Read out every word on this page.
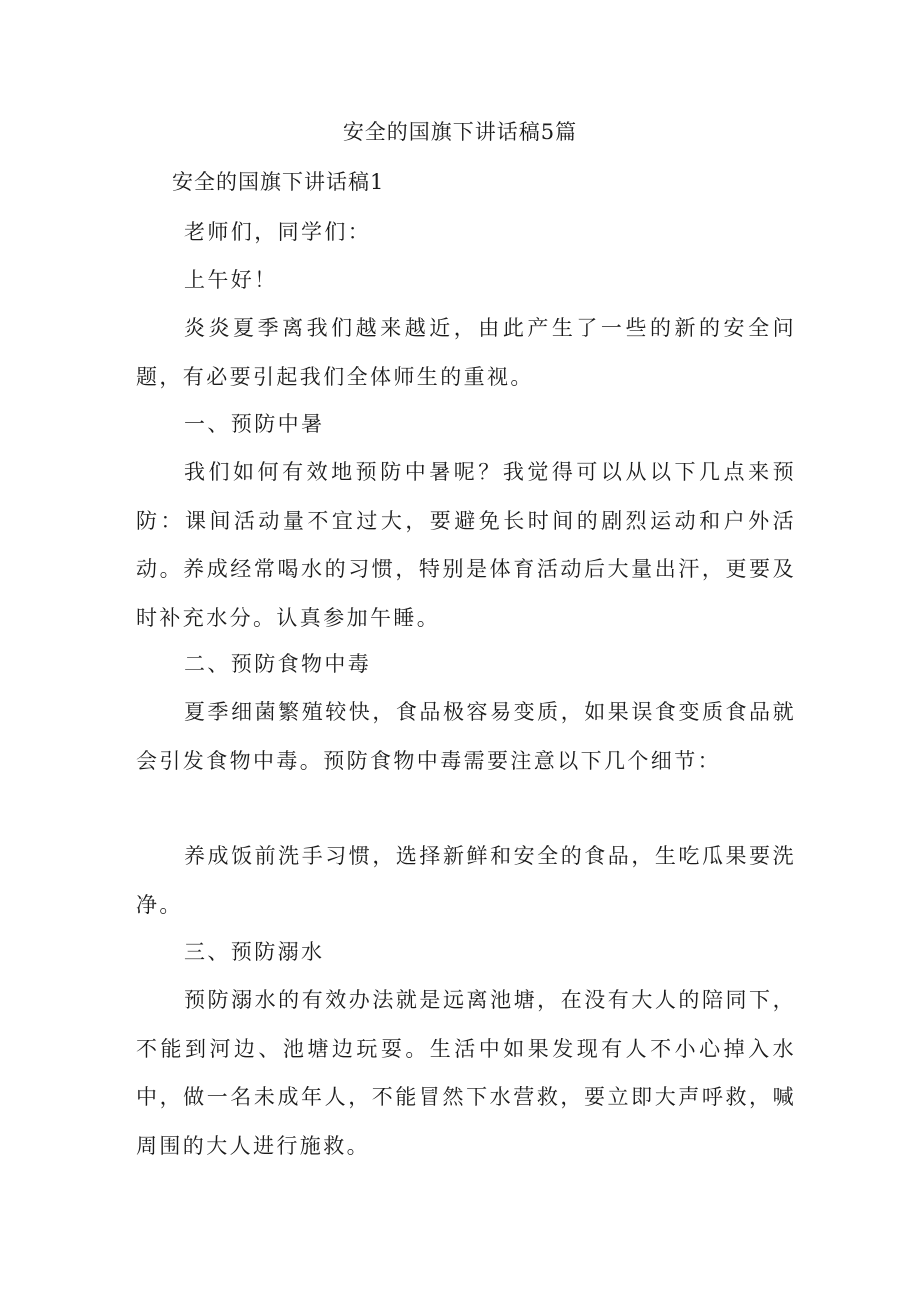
安全的国旗下讲话稿5篇
安全的国旗下讲话稿1

老师们，同学们：

上午好！

炎炎夏季离我们越来越近，由此产生了一些的新的安全问题，有必要引起我们全体师生的重视。

一、预防中暑

我们如何有效地预防中暑呢？我觉得可以从以下几点来预防：课间活动量不宜过大，要避免长时间的剧烈运动和户外活动。养成经常喝水的习惯，特别是体育活动后大量出汗，更要及时补充水分。认真参加午睡。

二、预防食物中毒

夏季细菌繁殖较快，食品极容易变质，如果误食变质食品就会引发食物中毒。预防食物中毒需要注意以下几个细节：

养成饭前洗手习惯，选择新鲜和安全的食品，生吃瓜果要洗净。

三、预防溺水

预防溺水的有效办法就是远离池塘，在没有大人的陪同下，不能到河边、池塘边玩耍。生活中如果发现有人不小心掉入水中，做一名未成年人，不能冒然下水营救，要立即大声呼救，喊周围的大人进行施救。
